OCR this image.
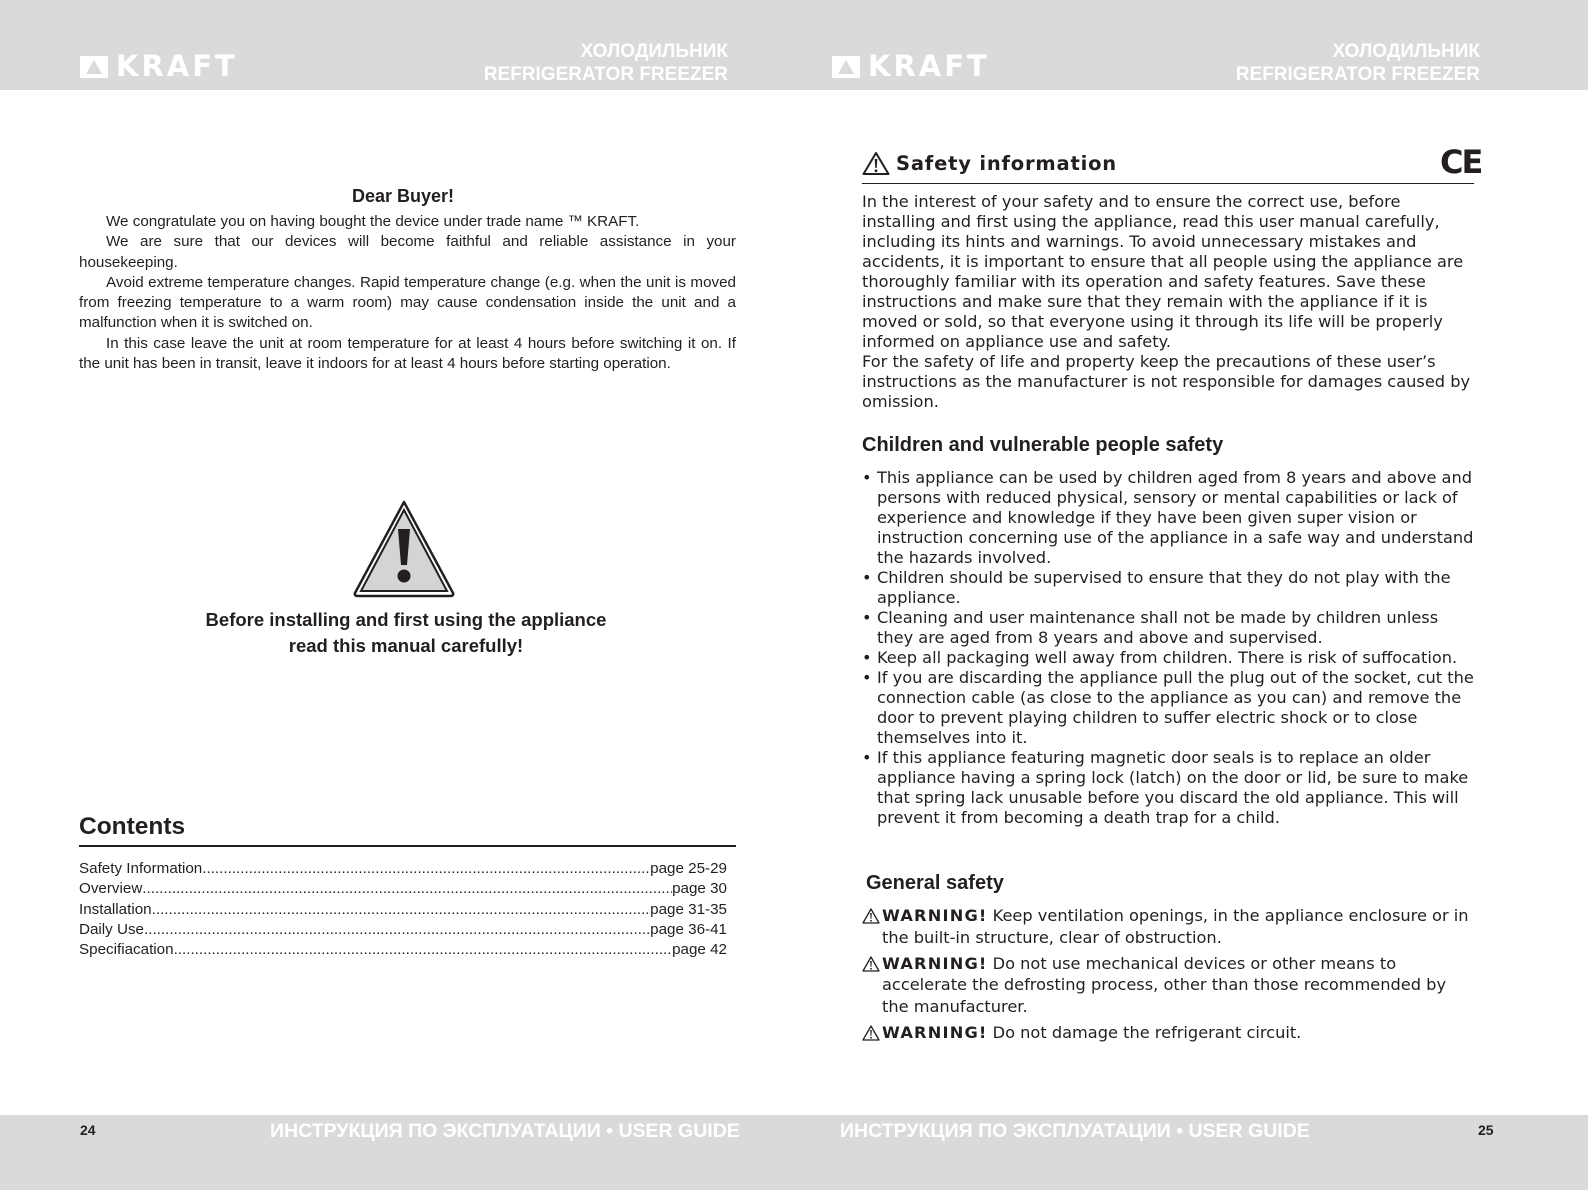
KRAFT	ХОЛОДИЛЬНИК
REFRIGERATOR FREEZER	KRAFT	ХОЛОДИЛЬНИК
REFRIGERATOR FREEZER
Dear Buyer!

We congratulate you on having bought the device under trade name ™ KRAFT.

We are sure that our devices will become faithful and reliable assistance in your housekeeping.

Avoid extreme temperature changes. Rapid temperature change (e.g. when the unit is moved from freezing temperature to a warm room) may cause condensation inside the unit and a malfunction when it is switched on.

In this case leave the unit at room temperature for at least 4 hours before switching it on. If the unit has been in transit, leave it indoors for at least 4 hours before starting operation.

Before installing and first using the appliance
read this manual carefully!
Contents
Safety Information .....	page 25-29
Overview .....	page 30
Installation .....	page 31-35
Daily Use .....	page 36-41
Specifiacation .....	page 42
Safety information	CE

In the interest of your safety and to ensure the correct use, before installing and first using the appliance, read this user manual carefully, including its hints and warnings. To avoid unnecessary mistakes and accidents, it is important to ensure that all people using the appliance are thoroughly familiar with its operation and safety features. Save these instructions and make sure that they remain with the appliance if it is moved or sold, so that everyone using it through its life will be properly informed on appliance use and safety.

For the safety of life and property keep the precautions of these user’s instructions as the manufacturer is not responsible for damages caused by omission.

Children and vulnerable people safety
• This appliance can be used by children aged from 8 years and above and persons with reduced physical, sensory or mental capabilities or lack of experience and knowledge if they have been given super vision or instruction concerning use of the appliance in a safe way and understand the hazards involved.
• Children should be supervised to ensure that they do not play with the appliance.
• Cleaning and user maintenance shall not be made by children unless they are aged from 8 years and above and supervised.
• Keep all packaging well away from children. There is risk of suffocation.
• If you are discarding the appliance pull the plug out of the socket, cut the connection cable (as close to the appliance as you can) and remove the door to prevent playing children to suffer electric shock or to close themselves into it.
• If this appliance featuring magnetic door seals is to replace an older appliance having a spring lock (latch) on the door or lid, be sure to make that spring lack unusable before you discard the old appliance. This will prevent it from becoming a death trap for a child.
General safety
WARNING! Keep ventilation openings, in the appliance enclosure or in the built-in structure, clear of obstruction.
WARNING! Do not use mechanical devices or other means to accelerate the defrosting process, other than those recommended by the manufacturer.
WARNING! Do not damage the refrigerant circuit.
24	ИНСТРУКЦИЯ ПО ЭКСПЛУАТАЦИИ • USER GUIDE	ИНСТРУКЦИЯ ПО ЭКСПЛУАТАЦИИ • USER GUIDE	25
